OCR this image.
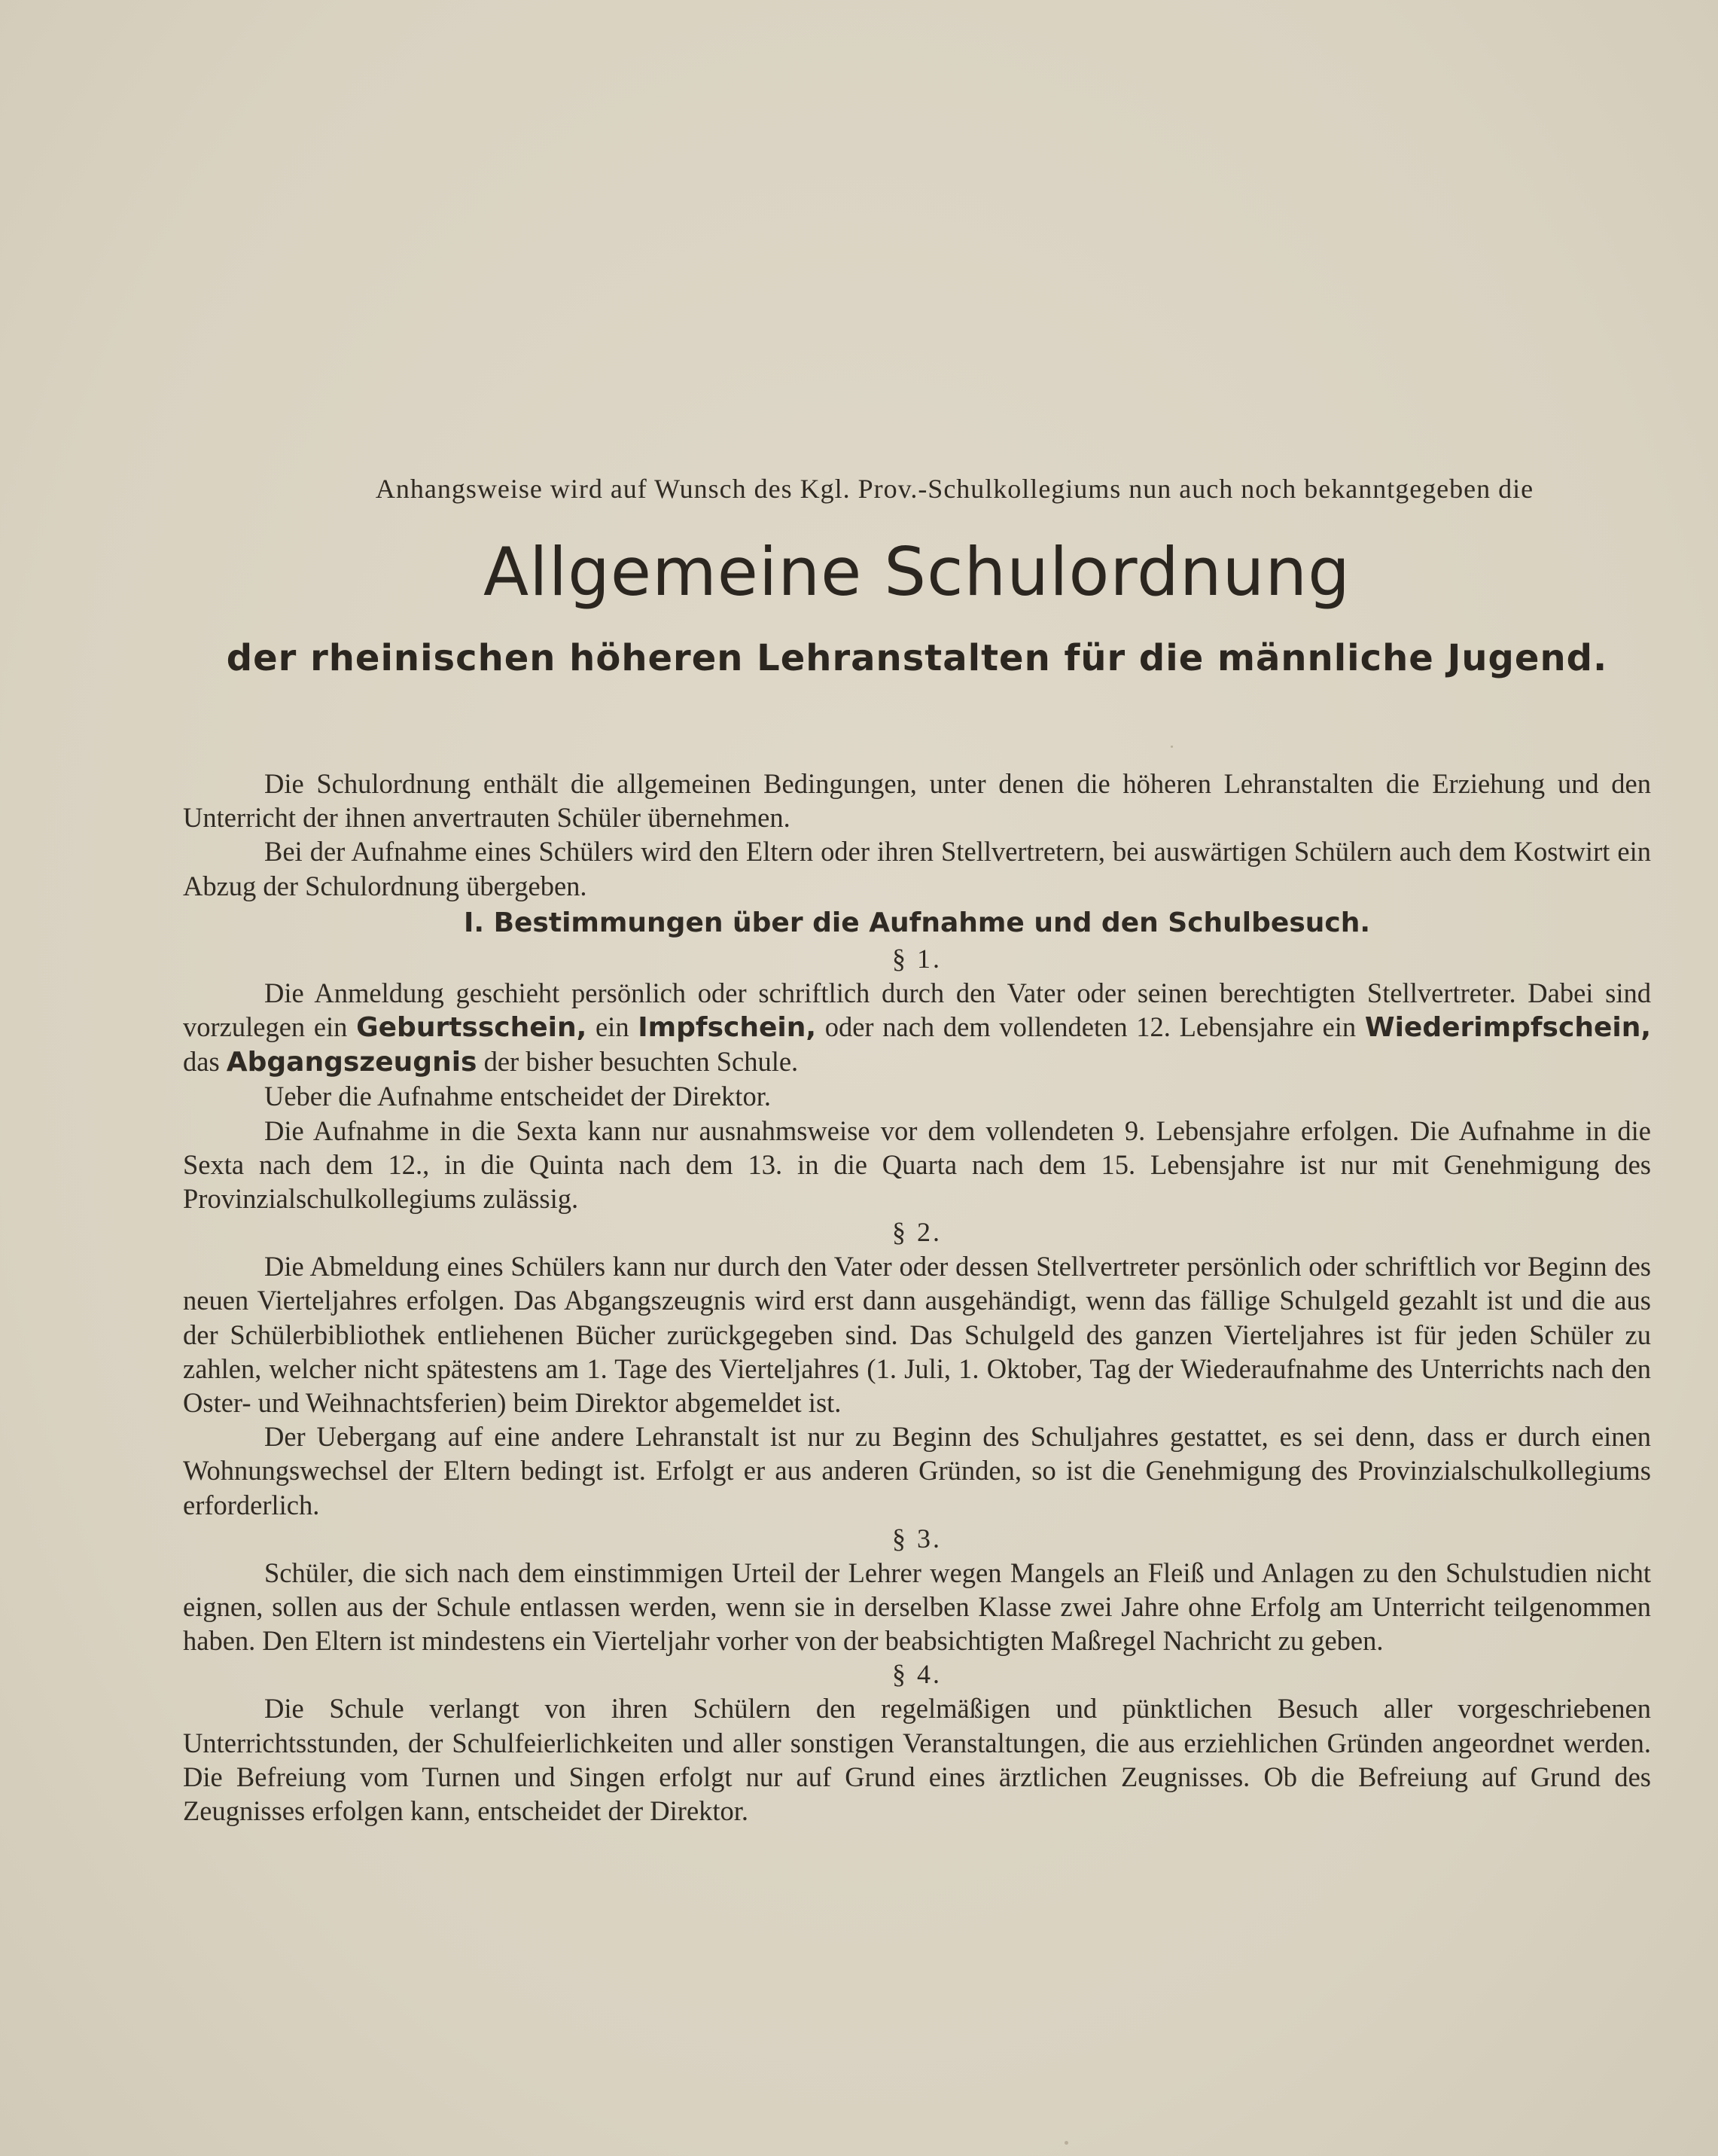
Anhangsweise wird auf Wunsch des Kgl. Prov.-Schulkollegiums nun auch noch bekanntgegeben die

Allgemeine Schulordnung
der rheinischen höheren Lehranstalten für die männliche Jugend.

Die Schulordnung enthält die allgemeinen Bedingungen, unter denen die höheren Lehranstalten die Erziehung und den Unterricht der ihnen anvertrauten Schüler übernehmen.

Bei der Aufnahme eines Schülers wird den Eltern oder ihren Stellvertretern, bei auswärtigen Schülern auch dem Kostwirt ein Abzug der Schulordnung übergeben.

I. Bestimmungen über die Aufnahme und den Schulbesuch.
§ 1.

Die Anmeldung geschieht persönlich oder schriftlich durch den Vater oder seinen berechtigten Stellvertreter. Dabei sind vorzulegen ein Geburtsschein, ein Impfschein, oder nach dem vollendeten 12. Lebensjahre ein Wiederimpfschein, das Abgangszeugnis der bisher besuchten Schule.

Ueber die Aufnahme entscheidet der Direktor.

Die Aufnahme in die Sexta kann nur ausnahmsweise vor dem vollendeten 9. Lebensjahre erfolgen. Die Aufnahme in die Sexta nach dem 12., in die Quinta nach dem 13. in die Quarta nach dem 15. Lebensjahre ist nur mit Genehmigung des Provinzialschulkollegiums zulässig.

§ 2.

Die Abmeldung eines Schülers kann nur durch den Vater oder dessen Stellvertreter persönlich oder schriftlich vor Beginn des neuen Vierteljahres erfolgen. Das Abgangszeugnis wird erst dann ausgehändigt, wenn das fällige Schulgeld gezahlt ist und die aus der Schülerbibliothek entliehenen Bücher zurückgegeben sind. Das Schulgeld des ganzen Vierteljahres ist für jeden Schüler zu zahlen, welcher nicht spätestens am 1. Tage des Vierteljahres (1. Juli, 1. Oktober, Tag der Wiederaufnahme des Unterrichts nach den Oster- und Weihnachtsferien) beim Direktor abgemeldet ist.

Der Uebergang auf eine andere Lehranstalt ist nur zu Beginn des Schuljahres gestattet, es sei denn, dass er durch einen Wohnungswechsel der Eltern bedingt ist. Erfolgt er aus anderen Gründen, so ist die Genehmigung des Provinzialschulkollegiums erforderlich.

§ 3.

Schüler, die sich nach dem einstimmigen Urteil der Lehrer wegen Mangels an Fleiß und Anlagen zu den Schulstudien nicht eignen, sollen aus der Schule entlassen werden, wenn sie in derselben Klasse zwei Jahre ohne Erfolg am Unterricht teilgenommen haben. Den Eltern ist mindestens ein Vierteljahr vorher von der beabsichtigten Maßregel Nachricht zu geben.

§ 4.

Die Schule verlangt von ihren Schülern den regelmäßigen und pünktlichen Besuch aller vorgeschriebenen Unterrichtsstunden, der Schulfeierlichkeiten und aller sonstigen Veranstaltungen, die aus erziehlichen Gründen angeordnet werden. Die Befreiung vom Turnen und Singen erfolgt nur auf Grund eines ärztlichen Zeugnisses. Ob die Befreiung auf Grund des Zeugnisses erfolgen kann, entscheidet der Direktor.
